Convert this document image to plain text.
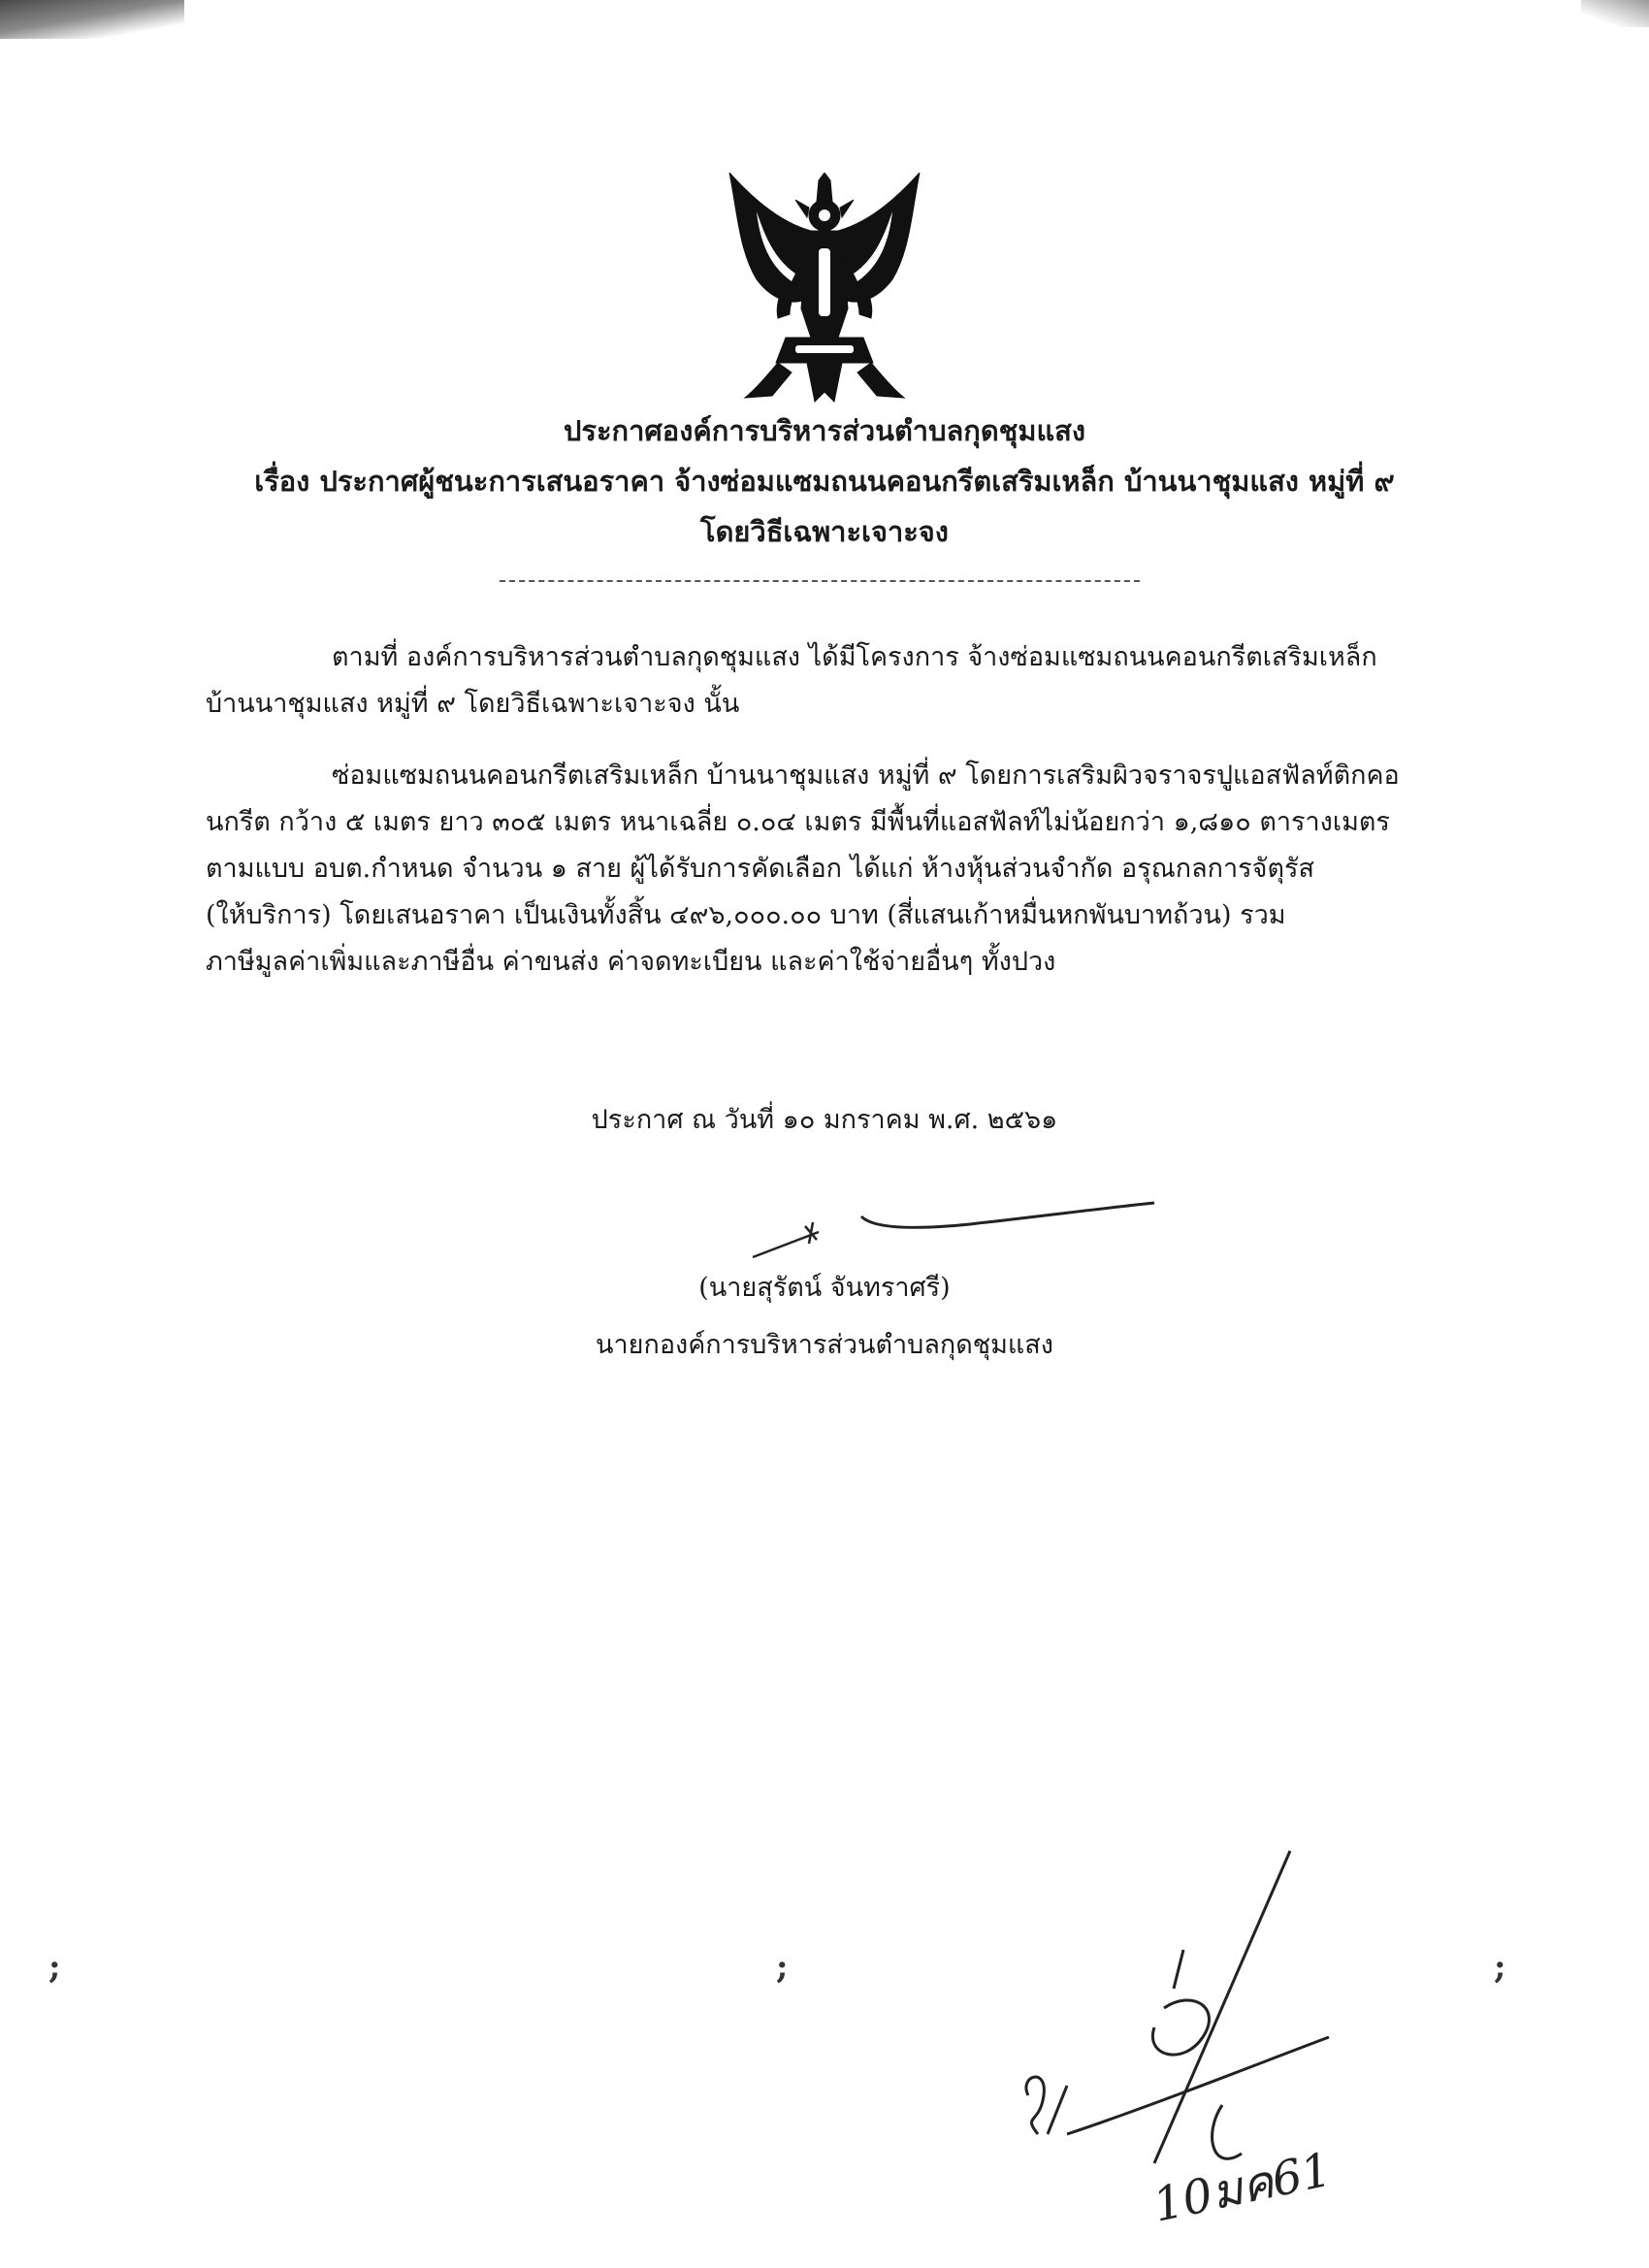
ประกาศองค์การบริหารส่วนตำบลกุดชุมแสง
เรื่อง ประกาศผู้ชนะการเสนอราคา จ้างซ่อมแซมถนนคอนกรีตเสริมเหล็ก บ้านนาชุมแสง หมู่ที่ ๙
โดยวิธีเฉพาะเจาะจง
ตามที่ องค์การบริหารส่วนตำบลกุดชุมแสง ได้มีโครงการ จ้างซ่อมแซมถนนคอนกรีตเสริมเหล็ก
บ้านนาชุมแสง หมู่ที่ ๙ โดยวิธีเฉพาะเจาะจง นั้น
ซ่อมแซมถนนคอนกรีตเสริมเหล็ก บ้านนาชุมแสง หมู่ที่ ๙ โดยการเสริมผิวจราจรปูแอสฟัลท์ติกคอ
นกรีต กว้าง ๕ เมตร ยาว ๓๐๕ เมตร หนาเฉลี่ย ๐.๐๔ เมตร มีพื้นที่แอสฟัลท์ไม่น้อยกว่า ๑,๘๑๐ ตารางเมตร
ตามแบบ อบต.กำหนด จำนวน ๑ สาย ผู้ได้รับการคัดเลือก ได้แก่ ห้างหุ้นส่วนจำกัด อรุณกลการจัตุรัส
(ให้บริการ) โดยเสนอราคา เป็นเงินทั้งสิ้น ๔๙๖,๐๐๐.๐๐ บาท (สี่แสนเก้าหมื่นหกพันบาทถ้วน) รวม
ภาษีมูลค่าเพิ่มและภาษีอื่น ค่าขนส่ง ค่าจดทะเบียน และค่าใช้จ่ายอื่นๆ ทั้งปวง
ประกาศ ณ วันที่ ๑๐ มกราคม พ.ศ. ๒๕๖๑
(นายสุรัตน์ จันทราศรี)
นายกองค์การบริหารส่วนตำบลกุดชุมแสง
;	;	;
10มค61
